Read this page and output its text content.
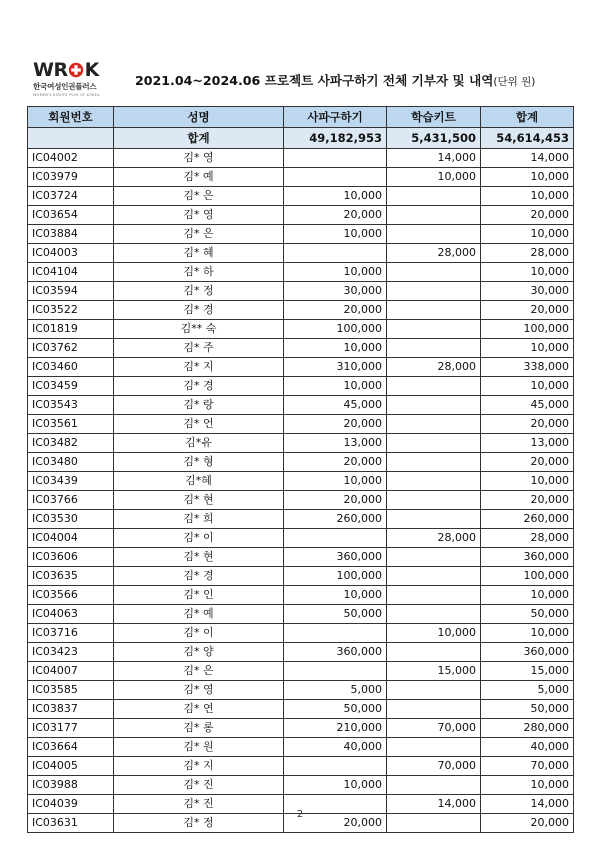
WR K
한국여성인권플러스
WOMEN'S RIGHTS PLUS OF KOREA
2021.04~2024.06 프로젝트 사파구하기 전체 기부자 및 내역(단위 원)
회원번호	성명	사파구하기	학습키트	합계
	합계	49,182,953	5,431,500	54,614,453
IC04002	김* 영		14,000	14,000
IC03979	김* 예		10,000	10,000
IC03724	김* 은	10,000		10,000
IC03654	김* 영	20,000		20,000
IC03884	김* 은	10,000		10,000
IC04003	김* 혜		28,000	28,000
IC04104	김* 하	10,000		10,000
IC03594	김* 정	30,000		30,000
IC03522	김* 경	20,000		20,000
IC01819	김** 숙	100,000		100,000
IC03762	김* 주	10,000		10,000
IC03460	김* 지	310,000	28,000	338,000
IC03459	김* 경	10,000		10,000
IC03543	김* 랑	45,000		45,000
IC03561	김* 언	20,000		20,000
IC03482	김*유	13,000		13,000
IC03480	김* 형	20,000		20,000
IC03439	김*혜	10,000		10,000
IC03766	김* 현	20,000		20,000
IC03530	김* 희	260,000		260,000
IC04004	김* 이		28,000	28,000
IC03606	김* 현	360,000		360,000
IC03635	김* 경	100,000		100,000
IC03566	김* 인	10,000		10,000
IC04063	김* 예	50,000		50,000
IC03716	김* 이		10,000	10,000
IC03423	김* 양	360,000		360,000
IC04007	김* 은		15,000	15,000
IC03585	김* 영	5,000		5,000
IC03837	김* 연	50,000		50,000
IC03177	김* 롱	210,000	70,000	280,000
IC03664	김* 원	40,000		40,000
IC04005	김* 지		70,000	70,000
IC03988	김* 진	10,000		10,000
IC04039	김* 진		14,000	14,000
IC03631	김* 정	20,000		20,000
2
